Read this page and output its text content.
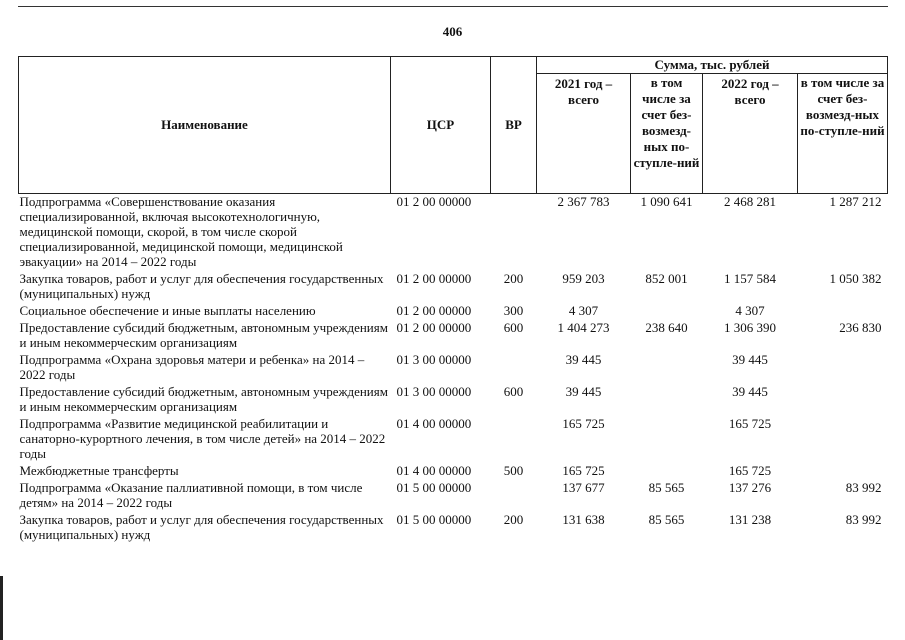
406
Наименование	ЦСР	ВР	Сумма, тыс. рублей			
			2021 год – всего	в том числе за счет без-возмезд-ных по-ступле-ний	2022 год – всего	в том числе за счет без-возмезд-ных по-ступле-ний
Подпрограмма «Совершенствование оказания специализированной, включая высокотехнологичную, медицинской помощи, скорой, в том числе скорой специализированной, медицинской помощи, медицинской эвакуации» на 2014 – 2022 годы	01 2 00 00000		2 367 783	1 090 641	2 468 281	1 287 212
Закупка товаров, работ и услуг для обеспечения государственных (муниципальных) нужд	01 2 00 00000	200	959 203	852 001	1 157 584	1 050 382
Социальное обеспечение и иные выплаты населению	01 2 00 00000	300	4 307		4 307	
Предоставление субсидий бюджетным, автономным учреждениям и иным некоммерческим организациям	01 2 00 00000	600	1 404 273	238 640	1 306 390	236 830
Подпрограмма «Охрана здоровья матери и ребенка» на 2014 – 2022 годы	01 3 00 00000		39 445		39 445	
Предоставление субсидий бюджетным, автономным учреждениям и иным некоммерческим организациям	01 3 00 00000	600	39 445		39 445	
Подпрограмма «Развитие медицинской реабилитации и санаторно-курортного лечения, в том числе детей» на 2014 – 2022 годы	01 4 00 00000		165 725		165 725	
Межбюджетные трансферты	01 4 00 00000	500	165 725		165 725	
Подпрограмма «Оказание паллиативной помощи, в том числе детям» на 2014 – 2022 годы	01 5 00 00000		137 677	85 565	137 276	83 992
Закупка товаров, работ и услуг для обеспечения государственных (муниципальных) нужд	01 5 00 00000	200	131 638	85 565	131 238	83 992
